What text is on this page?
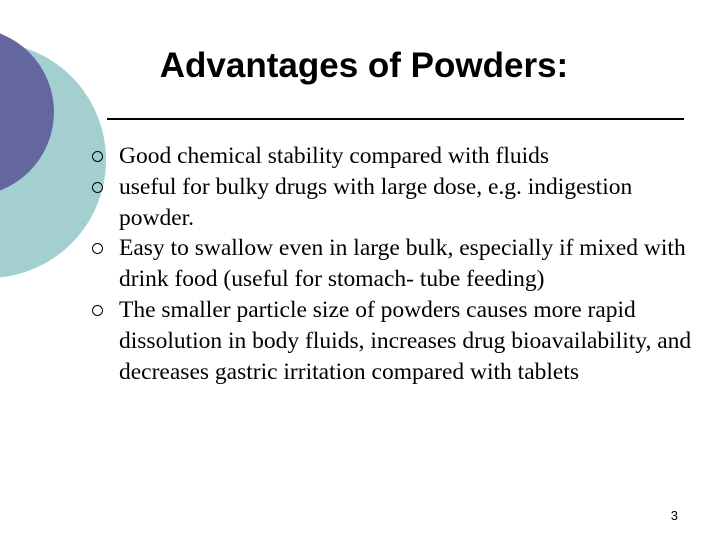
Advantages of Powders:
Good chemical stability compared with fluids
useful for bulky drugs with large dose, e.g. indigestion powder.
Easy to swallow even in large bulk, especially if mixed with drink food (useful for stomach- tube feeding)
The smaller particle size of powders causes more rapid dissolution in body fluids, increases drug bioavailability, and decreases gastric irritation compared with tablets
3
